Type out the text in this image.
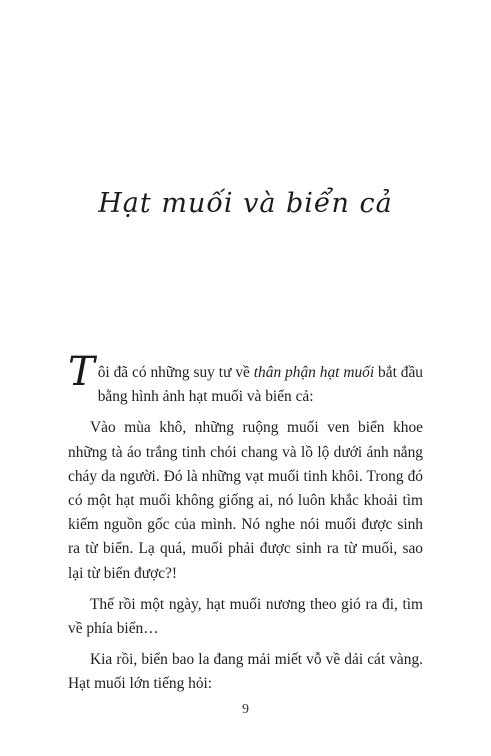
Hạt muối và biển cả

Tôi đã có những suy tư về thân phận hạt muối bắt đầu bằng hình ảnh hạt muối và biển cả:

Vào mùa khô, những ruộng muối ven biển khoe những tà áo trắng tinh chói chang và lồ lộ dưới ánh nắng cháy da người. Đó là những vạt muối tinh khôi. Trong đó có một hạt muối không giống ai, nó luôn khắc khoải tìm kiếm nguồn gốc của mình. Nó nghe nói muối được sinh ra từ biển. Lạ quá, muối phải được sinh ra từ muối, sao lại từ biển được?!

Thế rồi một ngày, hạt muối nương theo gió ra đi, tìm về phía biển…

Kia rồi, biển bao la đang mải miết vỗ về dải cát vàng. Hạt muối lớn tiếng hỏi:

9
